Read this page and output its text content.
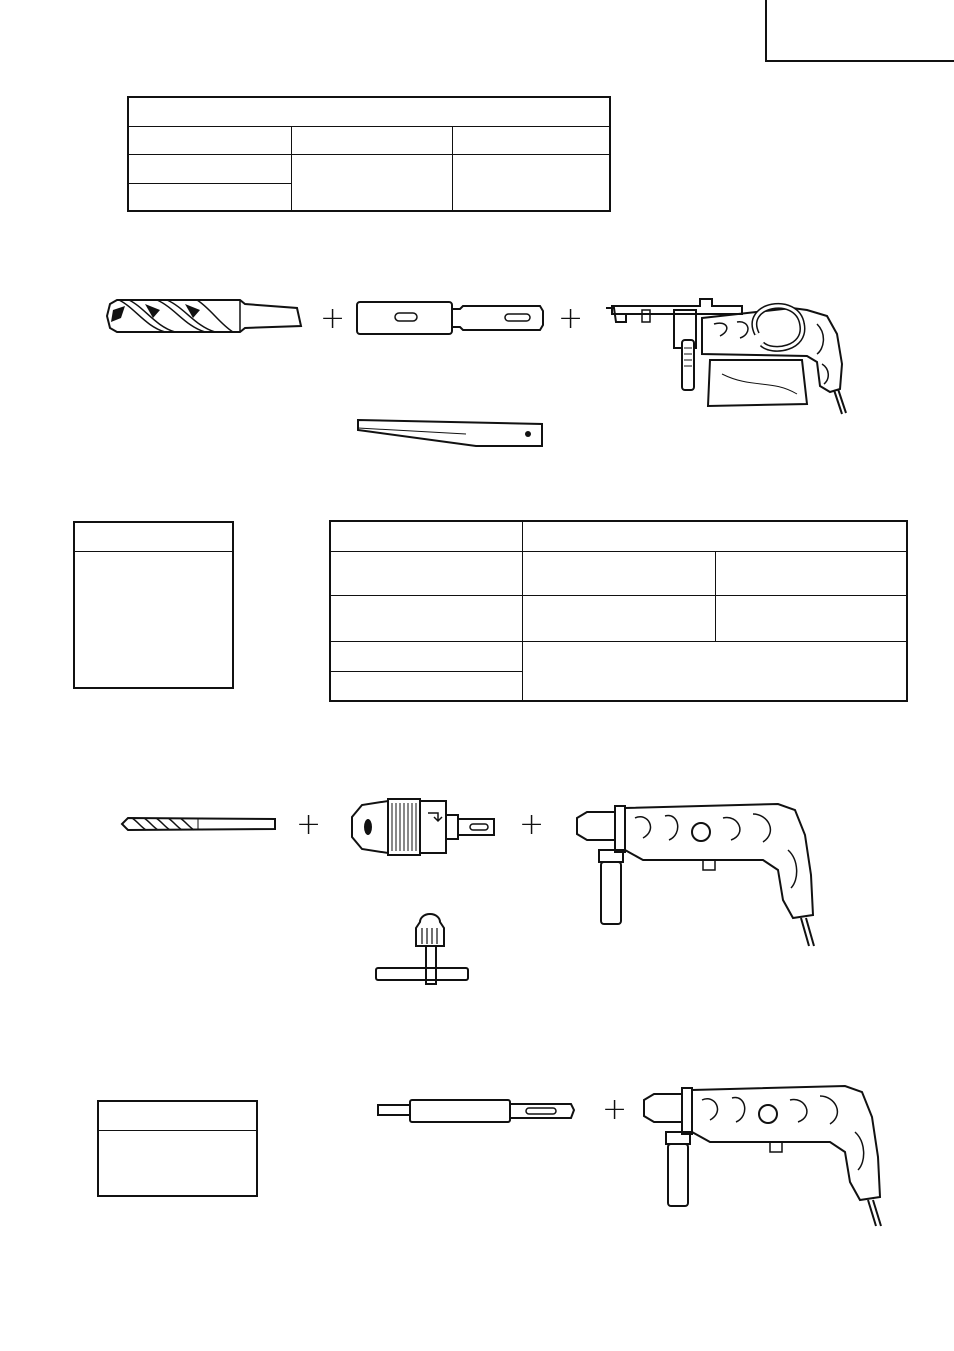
+	+

+	+
+
